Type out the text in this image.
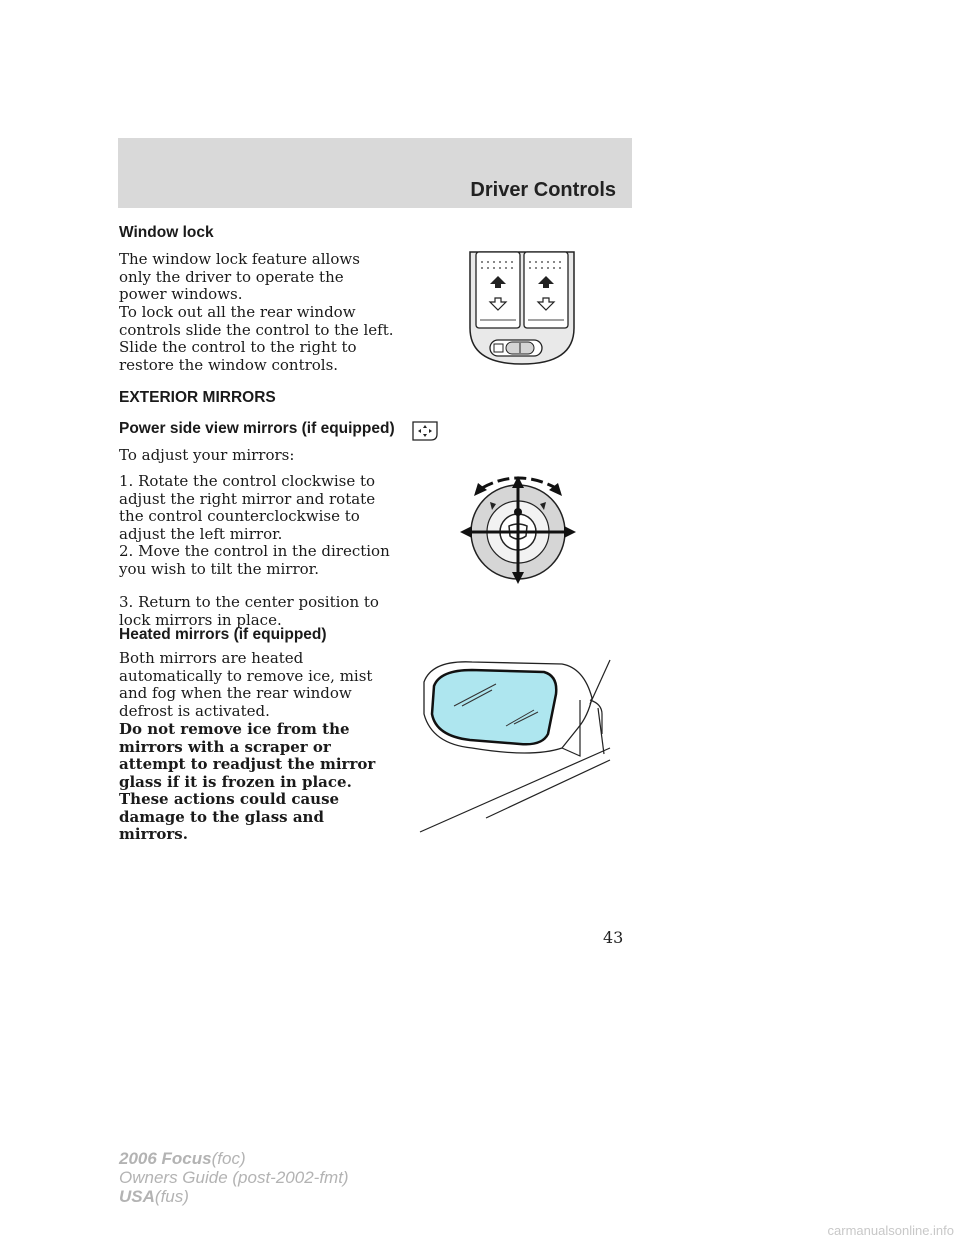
Driver Controls
Window lock
The window lock feature allows only the driver to operate the power windows.
To lock out all the rear window controls slide the control to the left. Slide the control to the right to restore the window controls.
EXTERIOR MIRRORS
Power side view mirrors (if equipped)
To adjust your mirrors:
1. Rotate the control clockwise to adjust the right mirror and rotate the control counterclockwise to adjust the left mirror.
2. Move the control in the direction you wish to tilt the mirror.
3. Return to the center position to lock mirrors in place.
Heated mirrors (if equipped)
Both mirrors are heated automatically to remove ice, mist and fog when the rear window defrost is activated.
Do not remove ice from the mirrors with a scraper or attempt to readjust the mirror glass if it is frozen in place. These actions could cause damage to the glass and mirrors.
43
2006 Focus(foc)
Owners Guide (post-2002-fmt)
USA(fus)
carmanualsonline.info
